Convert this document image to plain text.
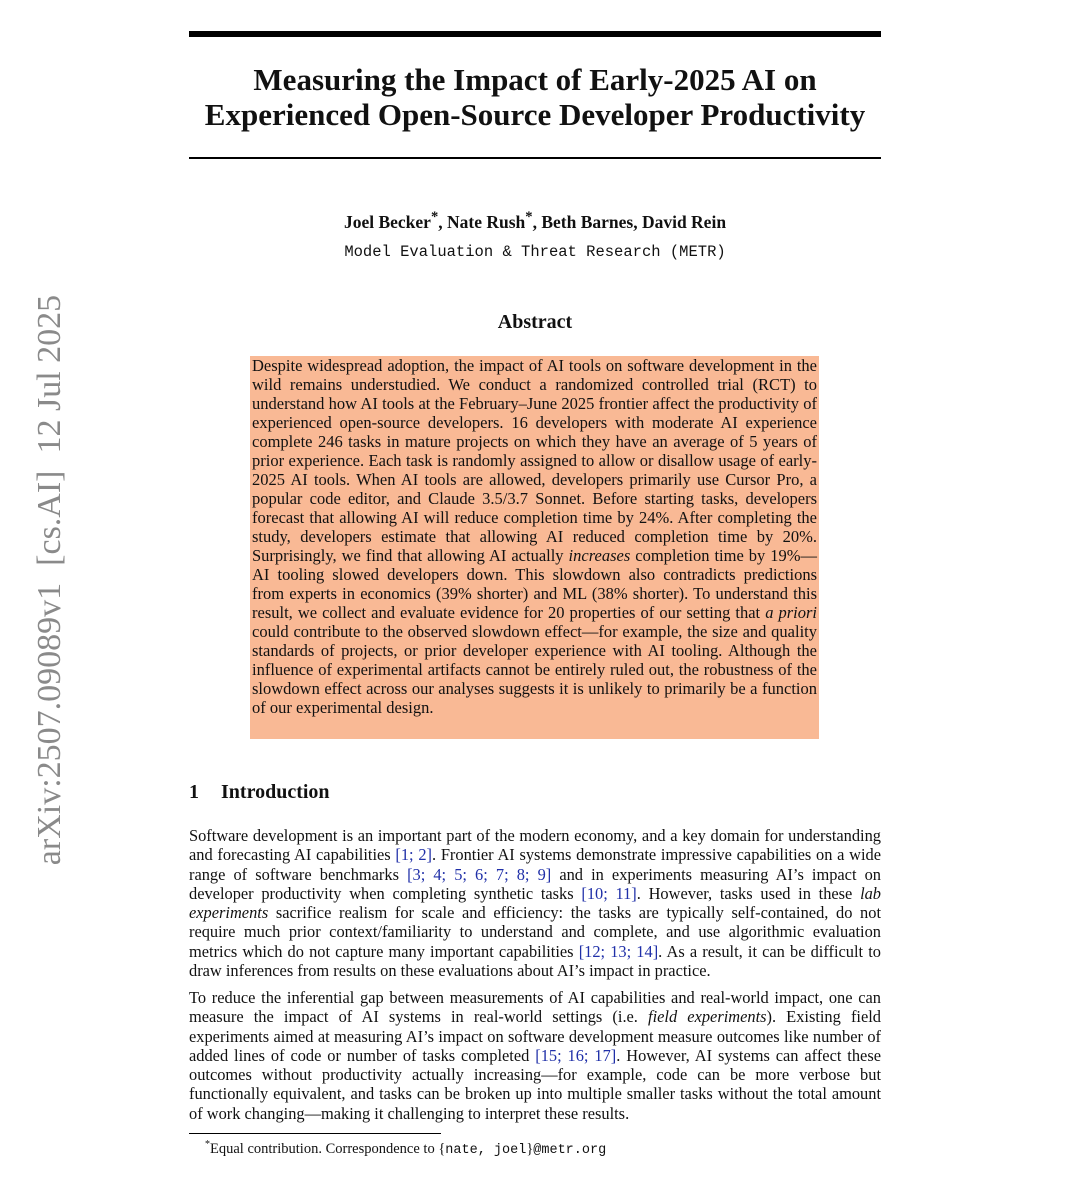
arXiv:2507.09089v1  [cs.AI]  12 Jul 2025
Measuring the Impact of Early-2025 AI on
Experienced Open-Source Developer Productivity
Joel Becker*, Nate Rush*, Beth Barnes, David Rein
Model Evaluation & Threat Research (METR)
Abstract

Despite widespread adoption, the impact of AI tools on software development in the wild remains understudied. We conduct a randomized controlled trial (RCT) to understand how AI tools at the February–June 2025 frontier affect the productivity of experienced open-source developers. 16 developers with moderate AI experience complete 246 tasks in mature projects on which they have an average of 5 years of prior experience. Each task is randomly assigned to allow or disallow usage of early-2025 AI tools. When AI tools are allowed, developers primarily use Cursor Pro, a popular code editor, and Claude 3.5/3.7 Sonnet. Before starting tasks, developers forecast that allowing AI will reduce completion time by 24%. After completing the study, developers estimate that allowing AI reduced completion time by 20%. Surprisingly, we find that allowing AI actually increases completion time by 19%—AI tooling slowed developers down. This slowdown also contradicts predictions from experts in economics (39% shorter) and ML (38% shorter). To understand this result, we collect and evaluate evidence for 20 properties of our setting that a priori could contribute to the observed slowdown effect—for example, the size and quality standards of projects, or prior developer experience with AI tooling. Although the influence of experimental artifacts cannot be entirely ruled out, the robustness of the slowdown effect across our analyses suggests it is unlikely to primarily be a function of our experimental design.

1 Introduction

Software development is an important part of the modern economy, and a key domain for understanding and forecasting AI capabilities [1; 2]. Frontier AI systems demonstrate impressive capabilities on a wide range of software benchmarks [3; 4; 5; 6; 7; 8; 9] and in experiments measuring AI’s impact on developer productivity when completing synthetic tasks [10; 11]. However, tasks used in these lab experiments sacrifice realism for scale and efficiency: the tasks are typically self-contained, do not require much prior context/familiarity to understand and complete, and use algorithmic evaluation metrics which do not capture many important capabilities [12; 13; 14]. As a result, it can be difficult to draw inferences from results on these evaluations about AI’s impact in practice.

To reduce the inferential gap between measurements of AI capabilities and real-world impact, one can measure the impact of AI systems in real-world settings (i.e. field experiments). Existing field experiments aimed at measuring AI’s impact on software development measure outcomes like number of added lines of code or number of tasks completed [15; 16; 17]. However, AI systems can affect these outcomes without productivity actually increasing—for example, code can be more verbose but functionally equivalent, and tasks can be broken up into multiple smaller tasks without the total amount of work changing—making it challenging to interpret these results.

*Equal contribution. Correspondence to {nate, joel}@metr.org
